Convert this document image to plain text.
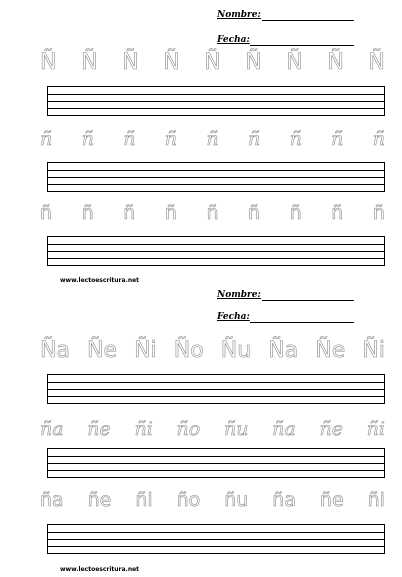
Nombre:
Fecha:
Ñ Ñ Ñ Ñ Ñ Ñ Ñ Ñ Ñ
ñ ñ ñ ñ ñ ñ ñ ñ ñ
ñ ñ ñ ñ ñ ñ ñ ñ ñ
www.lectoescritura.net
Nombre:
Fecha:
Ña Ñe Ñi Ño Ñu Ña Ñe Ñi
ña ñe ñi ño ñu ña ñe ñi
ña ñe ñi ño ñu ña ñe ñi
www.lectoescritura.net
